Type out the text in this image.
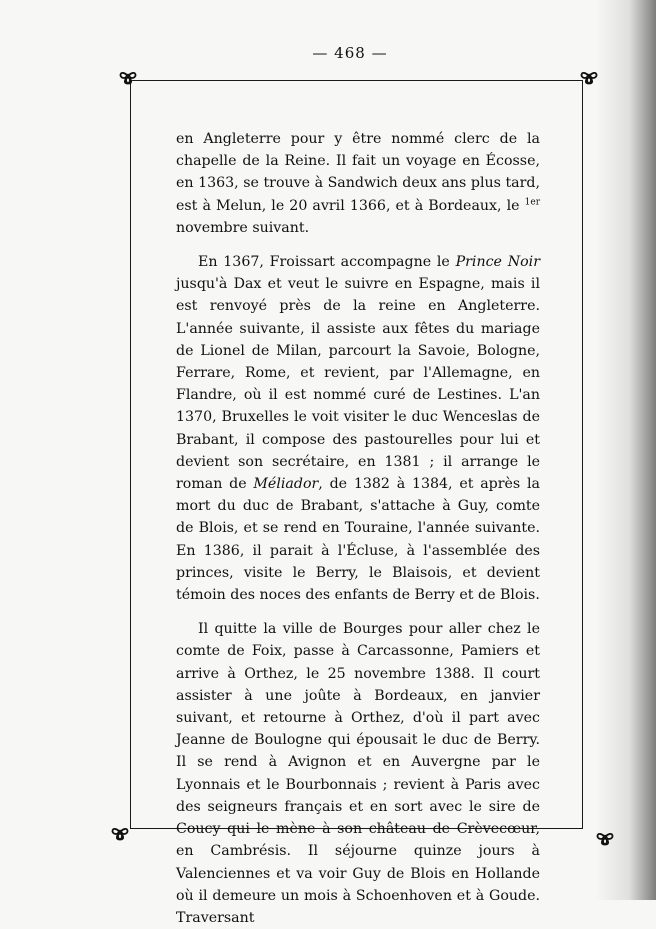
— 468 —

en Angleterre pour y être nommé clerc de la chapelle de la Reine. Il fait un voyage en Écosse, en 1363, se trouve à Sandwich deux ans plus tard, est à Melun, le 20 avril 1366, et à Bordeaux, le $^{1er}$ novembre suivant.

En 1367, Froissart accompagne le Prince Noir jusqu'à Dax et veut le suivre en Espagne, mais il est renvoyé près de la reine en Angleterre. L'année suivante, il assiste aux fêtes du mariage de Lionel de Milan, parcourt la Savoie, Bologne, Ferrare, Rome, et revient, par l'Allemagne, en Flandre, où il est nommé curé de Lestines. L'an 1370, Bruxelles le voit visiter le duc Wenceslas de Brabant, il compose des pastourelles pour lui et devient son secrétaire, en 1381 ; il arrange le roman de Méliador, de 1382 à 1384, et après la mort du duc de Brabant, s'attache à Guy, comte de Blois, et se rend en Touraine, l'année suivante. En 1386, il parait à l'Écluse, à l'assemblée des princes, visite le Berry, le Blaisois, et devient témoin des noces des enfants de Berry et de Blois.

Il quitte la ville de Bourges pour aller chez le comte de Foix, passe à Carcassonne, Pamiers et arrive à Orthez, le 25 novembre 1388. Il court assister à une joûte à Bordeaux, en janvier suivant, et retourne à Orthez, d'où il part avec Jeanne de Boulogne qui épousait le duc de Berry. Il se rend à Avignon et en Auvergne par le Lyonnais et le Bourbonnais ; revient à Paris avec des seigneurs français et en sort avec le sire de Coucy qui le mène à son château de Crèvecœur, en Cambrésis. Il séjourne quinze jours à Valenciennes et va voir Guy de Blois en Hollande où il demeure un mois à Schoenhoven et à Goude. Traversant
